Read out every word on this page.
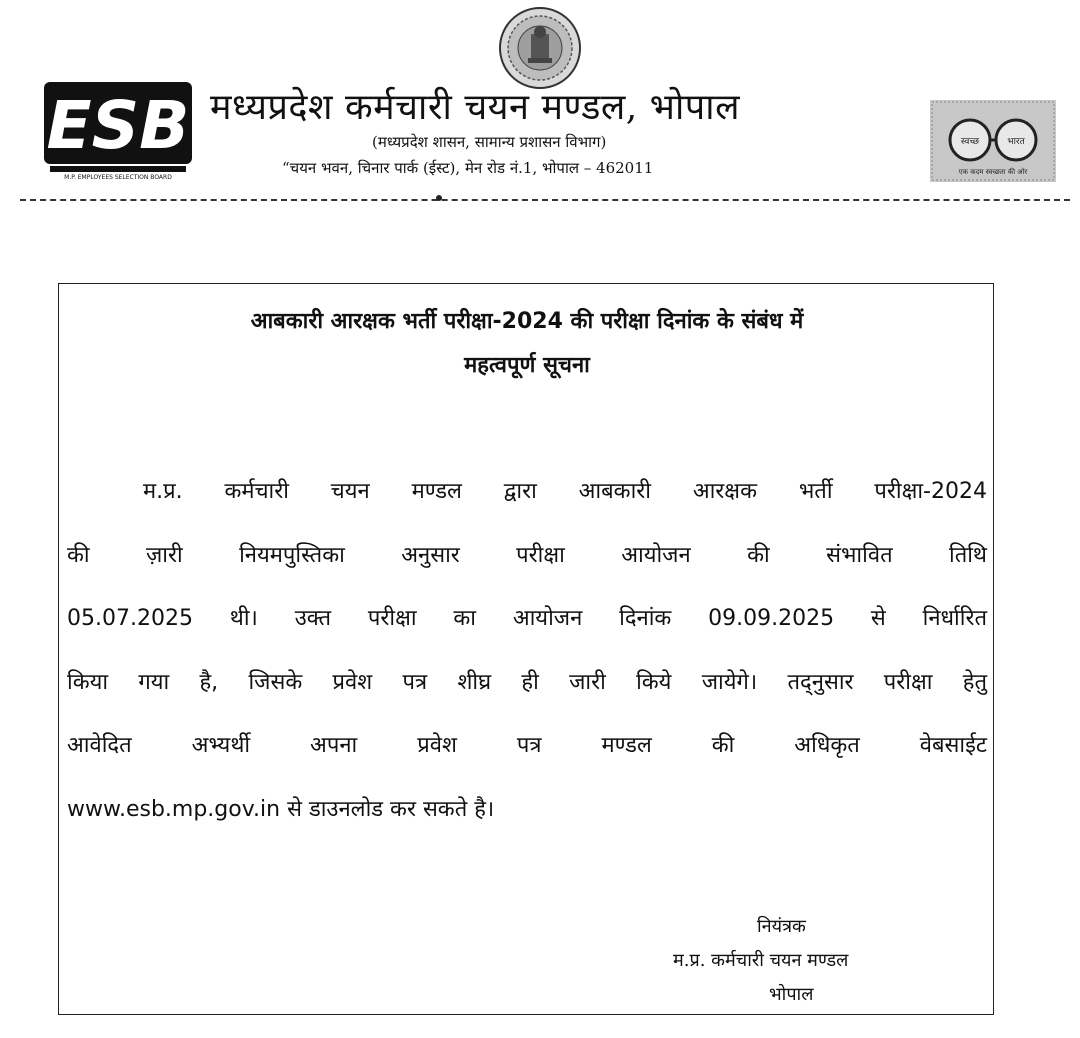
ESB
M.P. EMPLOYEES SELECTION BOARD
मध्यप्रदेश कर्मचारी चयन मण्डल, भोपाल
(मध्यप्रदेश शासन, सामान्य प्रशासन विभाग)
“चयन भवन, चिनार पार्क (ईस्ट), मेन रोड नं.1, भोपाल – 462011
स्वच्छ	भारत
एक कदम स्वच्छता की ओर
आबकारी आरक्षक भर्ती परीक्षा-2024 की परीक्षा दिनांक के संबंध में
महत्वपूर्ण सूचना
म.प्र. कर्मचारी चयन मण्डल द्वारा आबकारी आरक्षक भर्ती परीक्षा-2024
की ज़ारी नियमपुस्तिका अनुसार परीक्षा आयोजन की संभावित तिथि
05.07.2025 थी। उक्त परीक्षा का आयोजन दिनांक 09.09.2025 से निर्धारित
किया गया है, जिसके प्रवेश पत्र शीघ्र ही जारी किये जायेगे। तद्नुसार परीक्षा हेतु
आवेदित अभ्यर्थी अपना प्रवेश पत्र मण्डल की अधिकृत वेबसाईट
www.esb.mp.gov.in से डाउनलोड कर सकते है।
नियंत्रक
म.प्र. कर्मचारी चयन मण्डल
भोपाल
